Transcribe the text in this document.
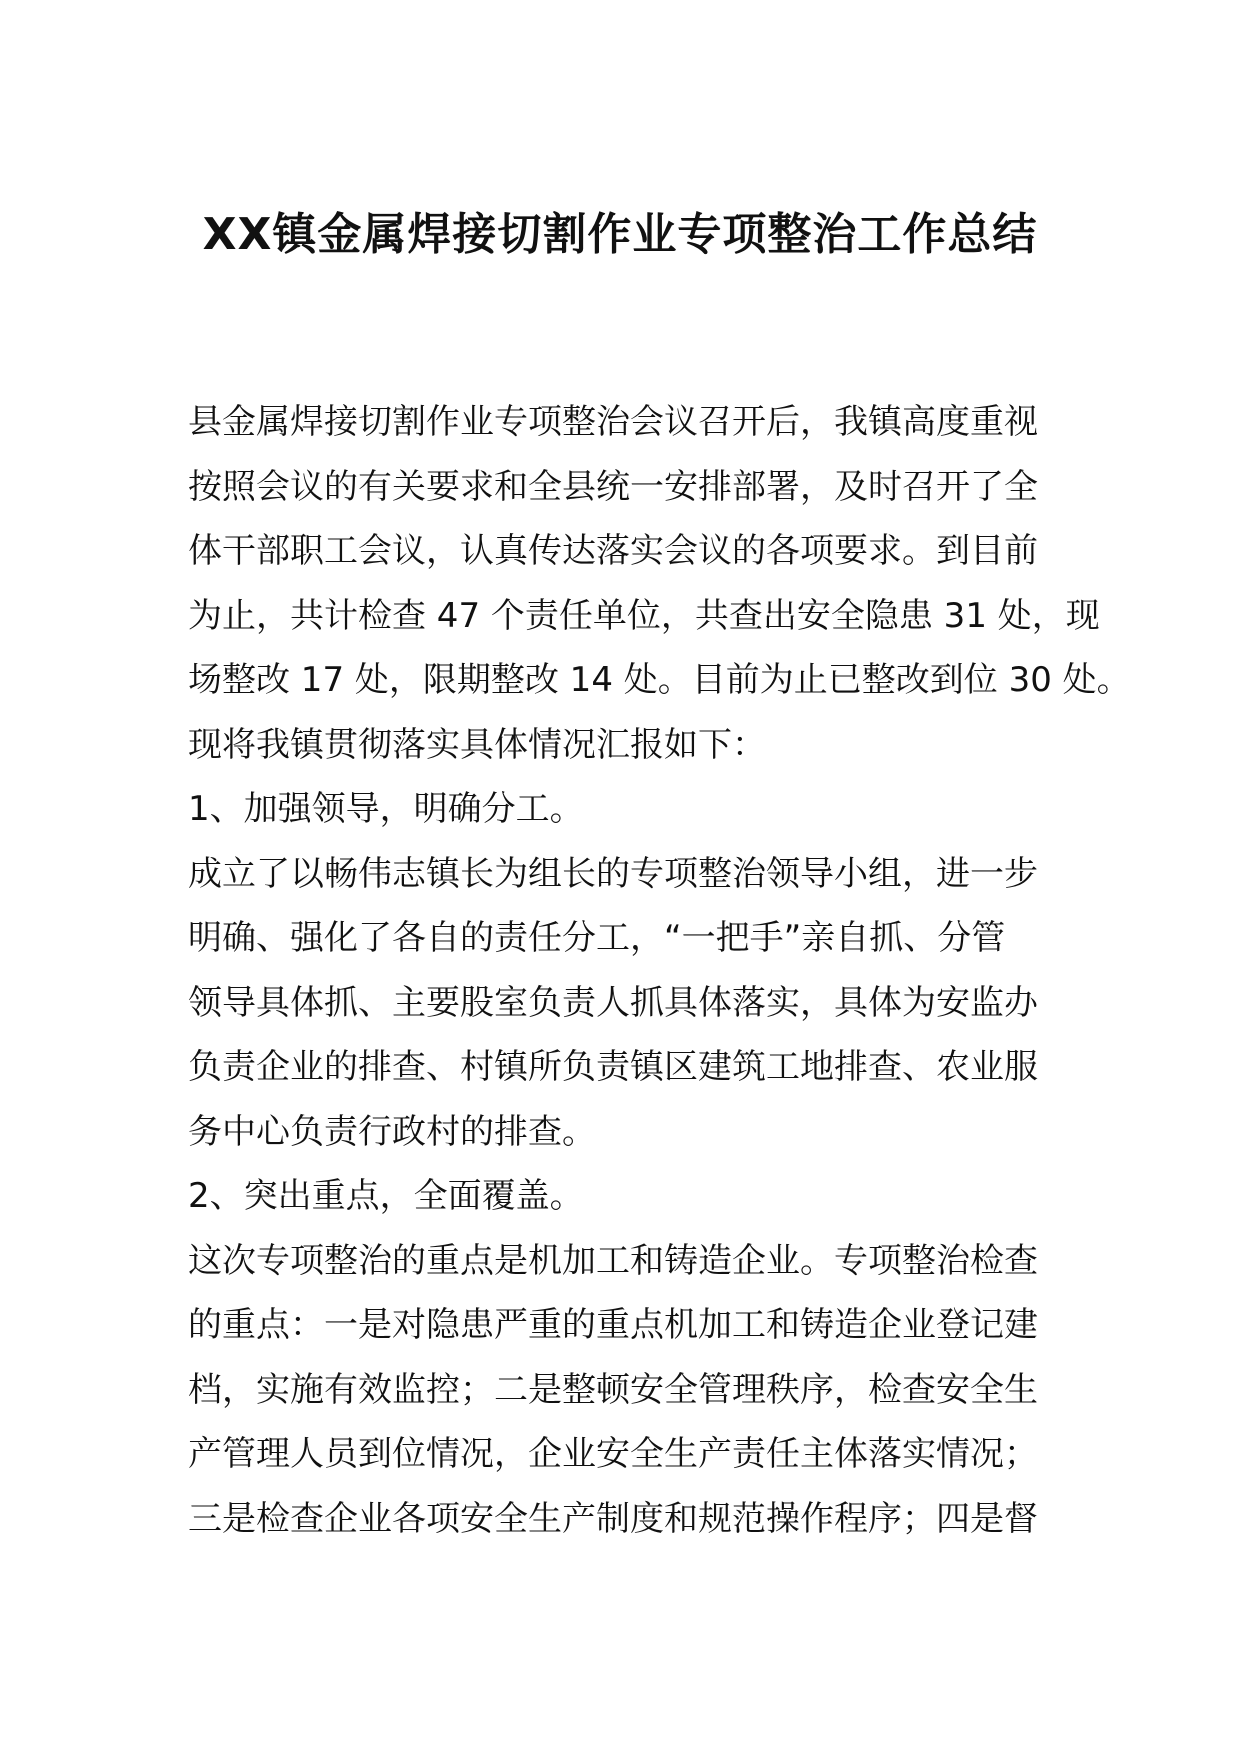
XX镇金属焊接切割作业专项整治工作总结
县金属焊接切割作业专项整治会议召开后，我镇高度重视
按照会议的有关要求和全县统一安排部署，及时召开了全
体干部职工会议，认真传达落实会议的各项要求。到目前
为止，共计检查 47 个责任单位，共查出安全隐患 31 处，现
场整改 17 处，限期整改 14 处。目前为止已整改到位 30 处。
现将我镇贯彻落实具体情况汇报如下：
1、加强领导，明确分工。
成立了以畅伟志镇长为组长的专项整治领导小组，进一步
明确、强化了各自的责任分工，“一把手”亲自抓、分管
领导具体抓、主要股室负责人抓具体落实，具体为安监办
负责企业的排查、村镇所负责镇区建筑工地排查、农业服
务中心负责行政村的排查。
2、突出重点，全面覆盖。
这次专项整治的重点是机加工和铸造企业。专项整治检查
的重点：一是对隐患严重的重点机加工和铸造企业登记建
档，实施有效监控；二是整顿安全管理秩序，检查安全生
产管理人员到位情况，企业安全生产责任主体落实情况；
三是检查企业各项安全生产制度和规范操作程序；四是督
